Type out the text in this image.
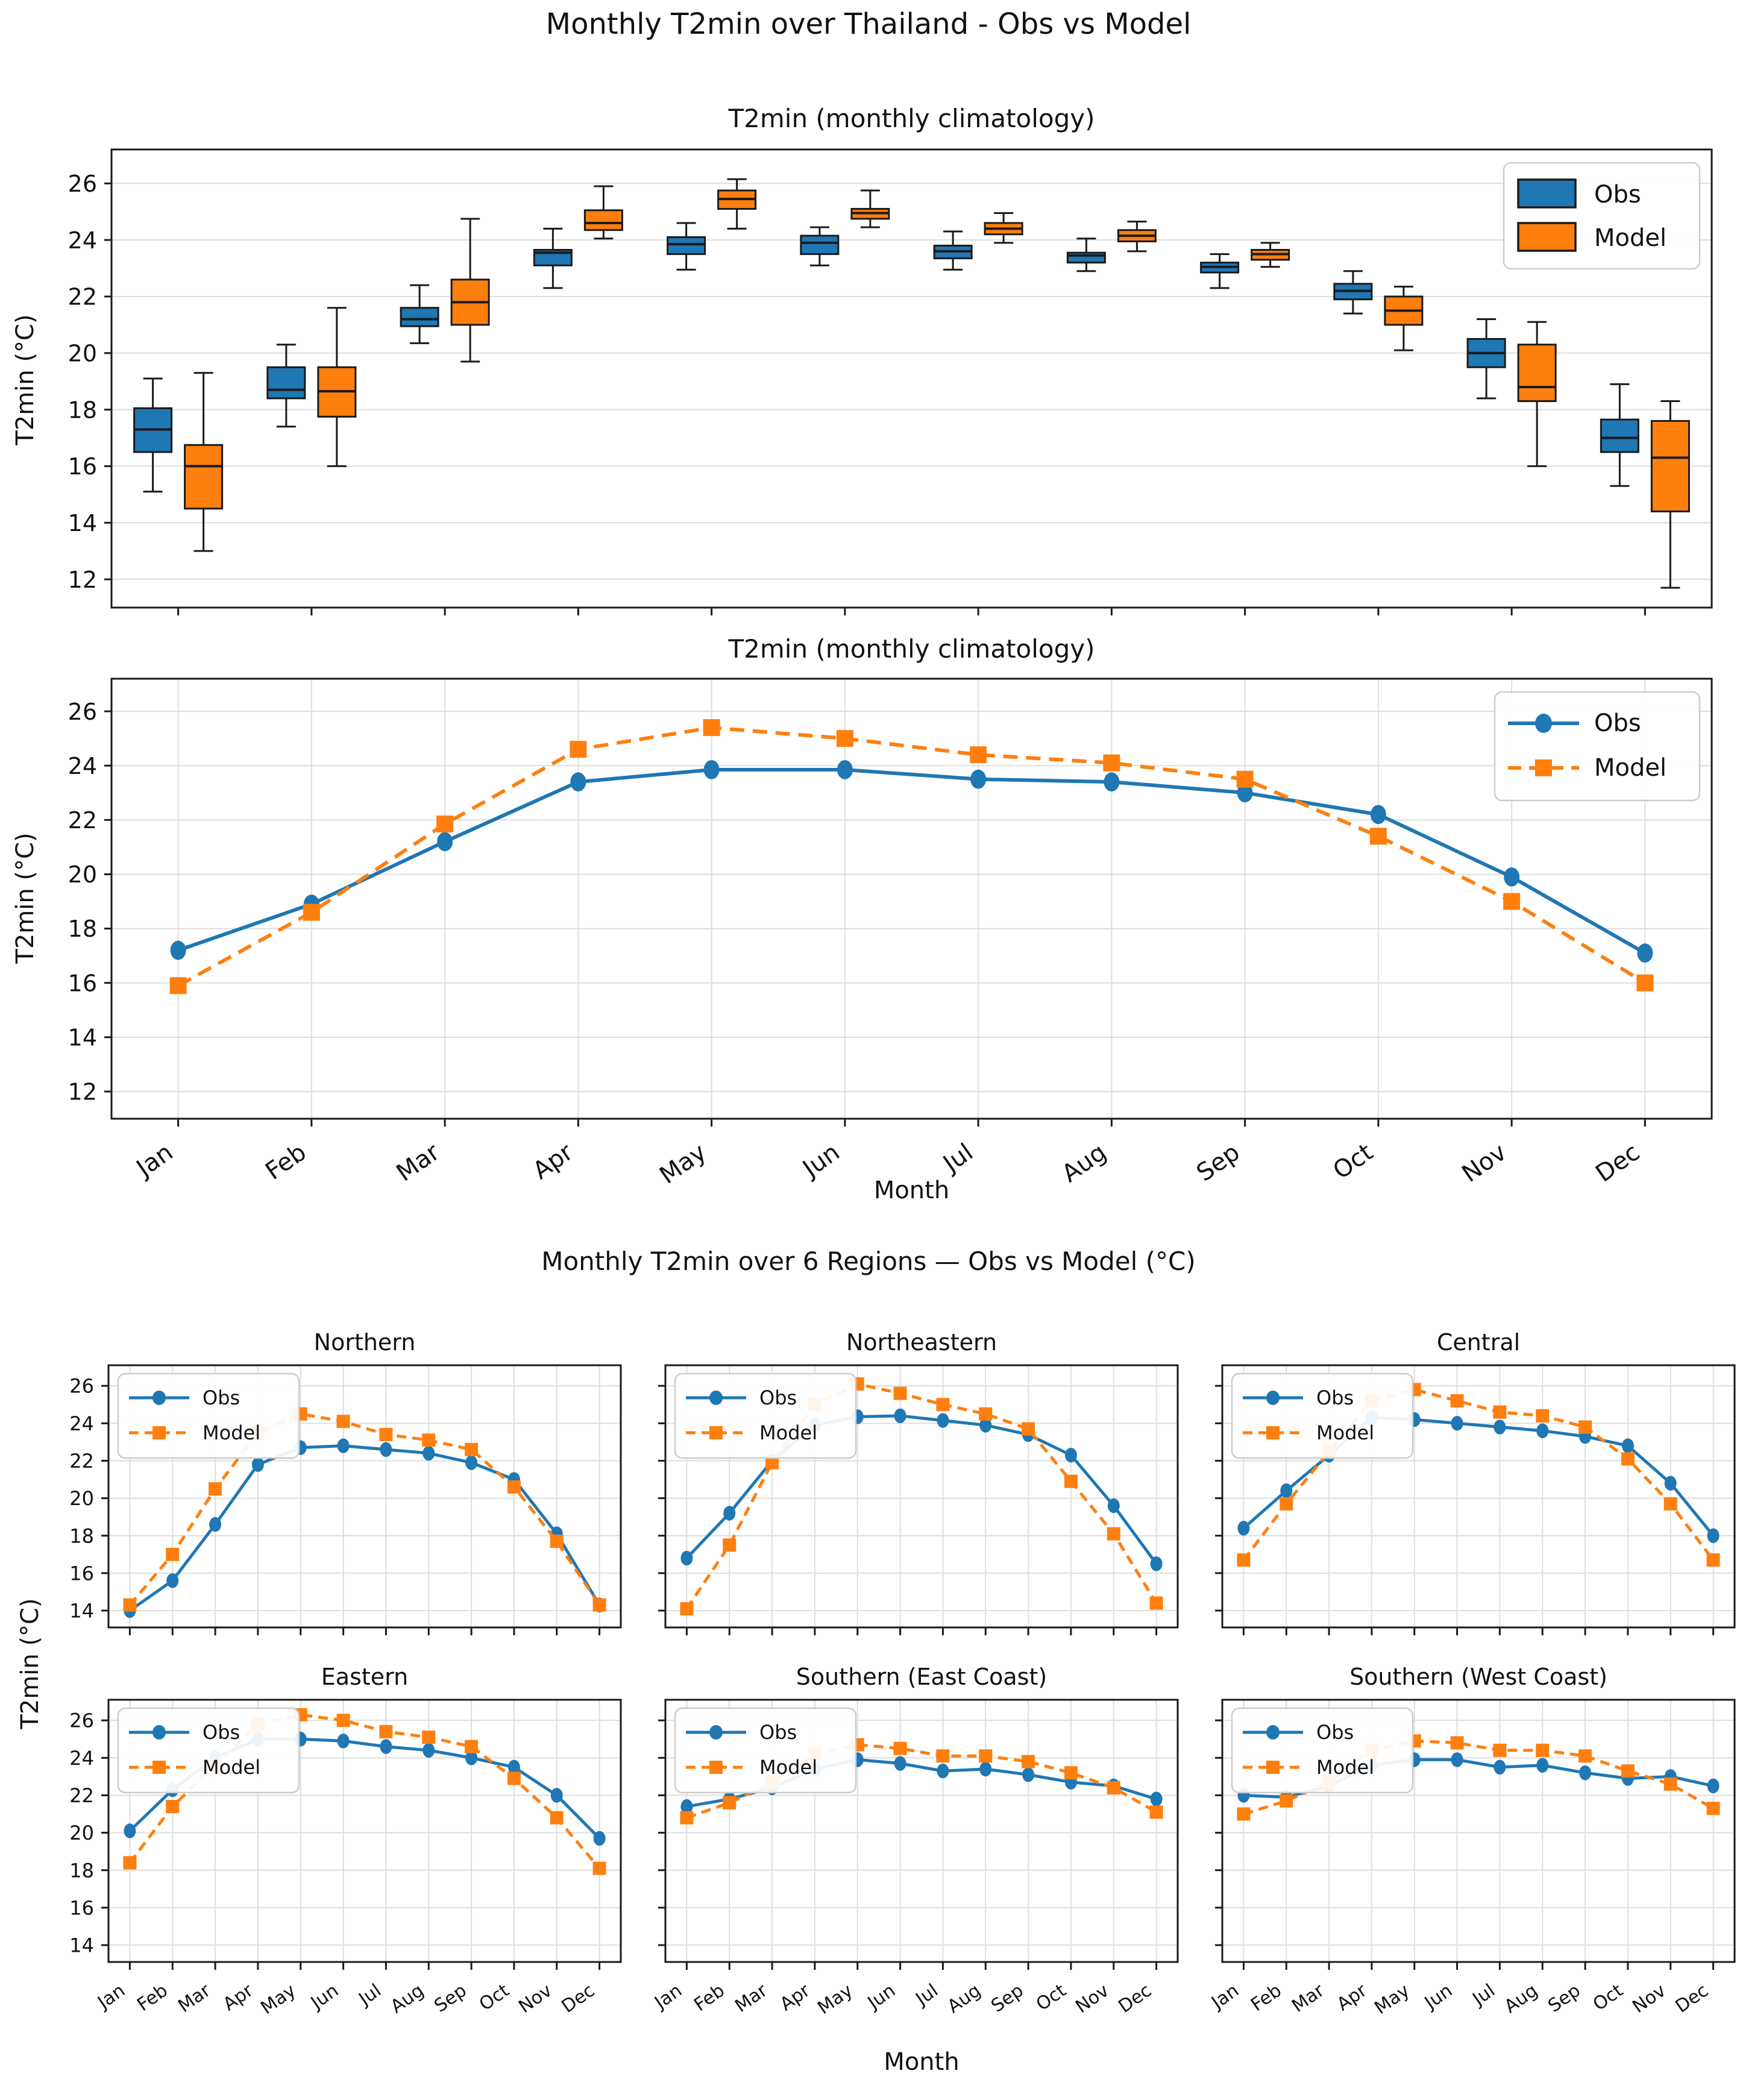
Monthly T2min over Thailand - Obs vs Model
T2min (monthly climatology)
T2min (°C)
12
14
16
18
20
22
24
26	Obs
Model
T2min (monthly climatology)
T2min (°C)
12
14
16
18
20
22
24
26
Jan	Feb	Mar	Apr	May	Jun	Jul	Aug	Sep	Oct	Nov	Dec
Obs
Model
Month
Monthly T2min over 6 Regions — Obs vs Model (°C)
T2min (°C)
Northern	Northeastern	Central
Eastern	Southern (East Coast)	Southern (West Coast)
14
16
18
20
22
24
26
Obs
Model
Obs
Model
Obs
Model
14
16
18
20
22
24
26
Jan Feb Mar Apr May Jun Jul Aug Sep Oct Nov Dec
Obs
Model
Jan Feb Mar Apr May Jun Jul Aug Sep Oct Nov Dec
Obs
Model
Jan Feb Mar Apr May Jun Jul Aug Sep Oct Nov Dec
Obs
Model
Month
